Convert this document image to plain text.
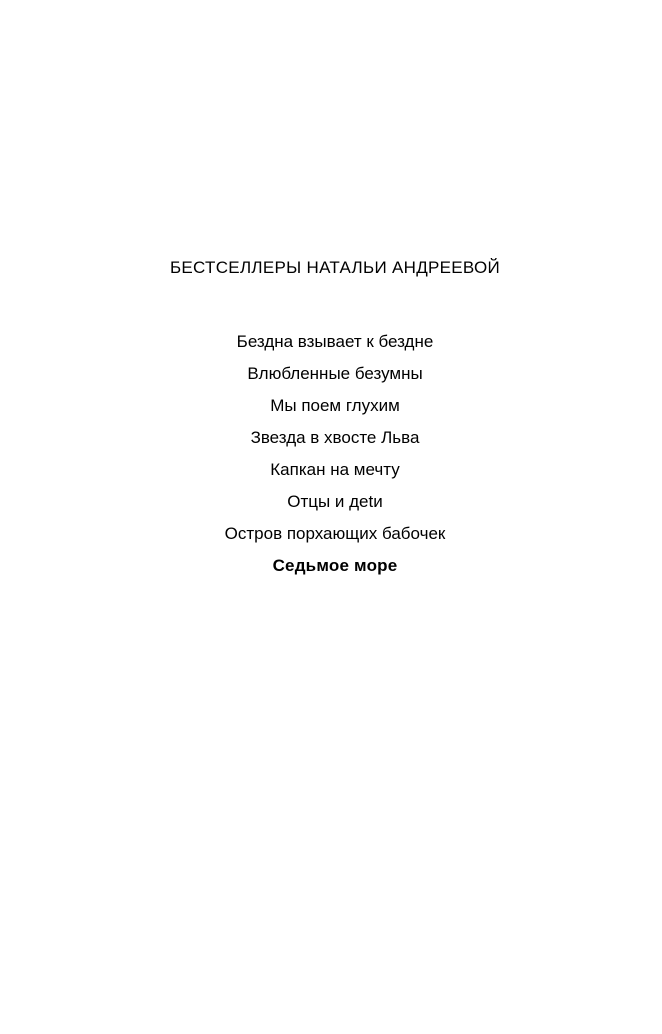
БЕСТСЕЛЛЕРЫ НАТАЛЬИ АНДРЕЕВОЙ
Бездна взывает к бездне
Влюбленные безумны
Мы поем глухим
Звезда в хвосте Льва
Капкан на мечту
Отцы и деtи
Остров порхающих бабочек
Седьмое море
